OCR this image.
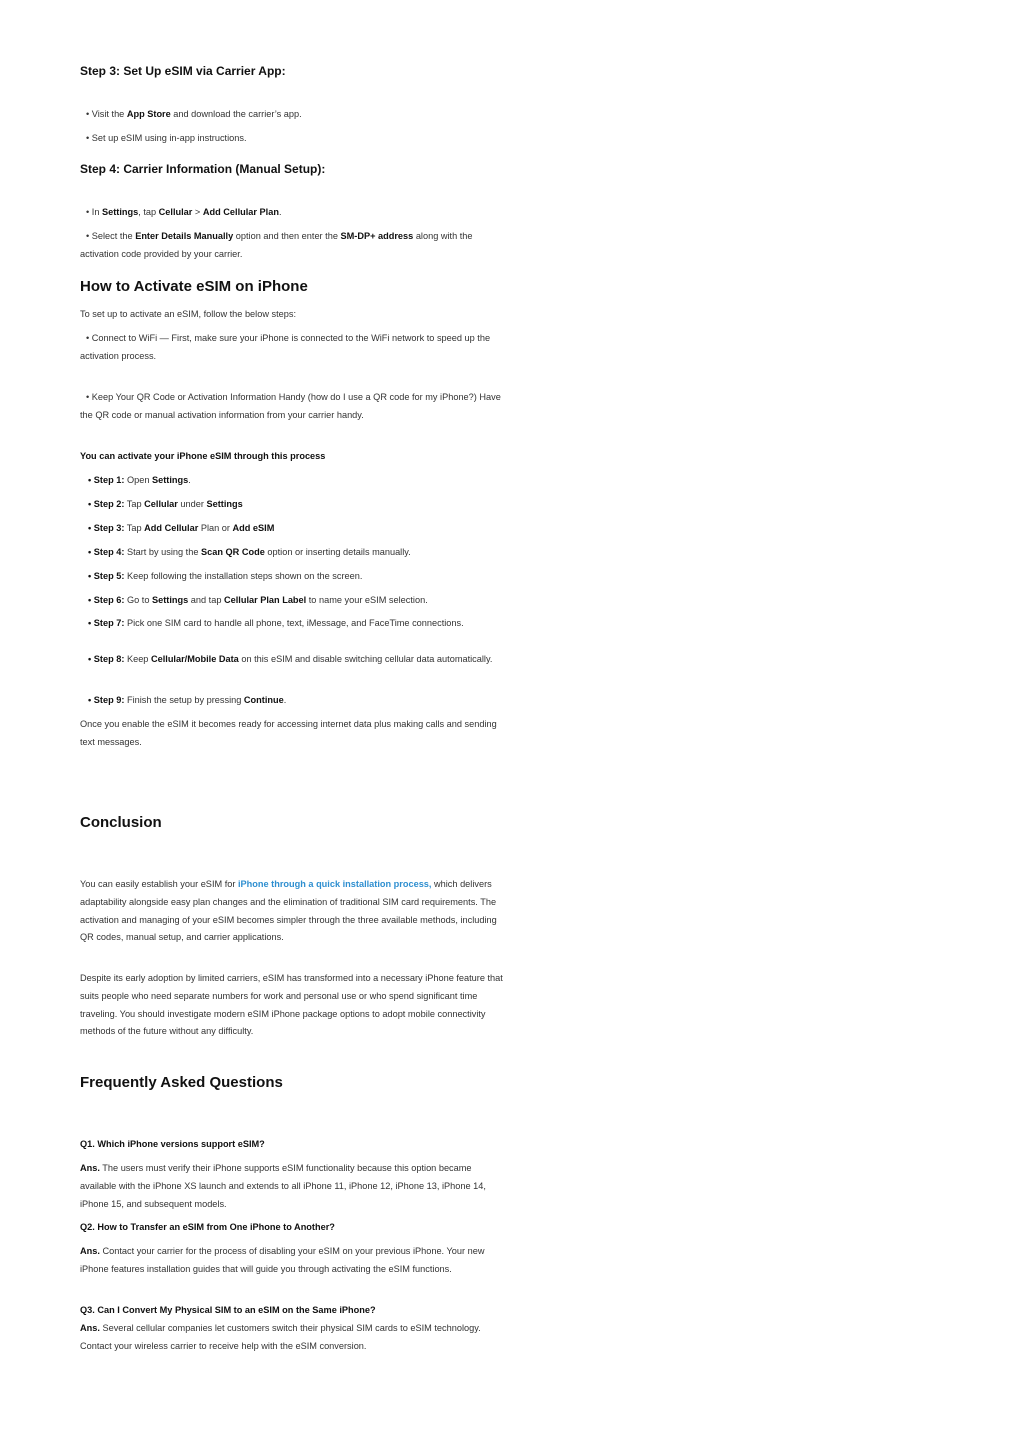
Step 3: Set Up eSIM via Carrier App:
• Visit the App Store and download the carrier’s app.
• Set up eSIM using in-app instructions.
Step 4: Carrier Information (Manual Setup):
• In Settings, tap Cellular > Add Cellular Plan.
• Select the Enter Details Manually option and then enter the SM-DP+ address along with the activation code provided by your carrier.
How to Activate eSIM on iPhone
To set up to activate an eSIM, follow the below steps:
• Connect to WiFi — First, make sure your iPhone is connected to the WiFi network to speed up the activation process.
• Keep Your QR Code or Activation Information Handy (how do I use a QR code for my iPhone?) Have the QR code or manual activation information from your carrier handy.
You can activate your iPhone eSIM through this process
• Step 1: Open Settings.
• Step 2: Tap Cellular under Settings
• Step 3: Tap Add Cellular Plan or Add eSIM
• Step 4: Start by using the Scan QR Code option or inserting details manually.
• Step 5: Keep following the installation steps shown on the screen.
• Step 6: Go to Settings and tap Cellular Plan Label to name your eSIM selection.
• Step 7: Pick one SIM card to handle all phone, text, iMessage, and FaceTime connections.
• Step 8: Keep Cellular/Mobile Data on this eSIM and disable switching cellular data automatically.
• Step 9: Finish the setup by pressing Continue.
Once you enable the eSIM it becomes ready for accessing internet data plus making calls and sending text messages.
Conclusion
You can easily establish your eSIM for iPhone through a quick installation process, which delivers adaptability alongside easy plan changes and the elimination of traditional SIM card requirements. The activation and managing of your eSIM becomes simpler through the three available methods, including QR codes, manual setup, and carrier applications.
Despite its early adoption by limited carriers, eSIM has transformed into a necessary iPhone feature that suits people who need separate numbers for work and personal use or who spend significant time traveling. You should investigate modern eSIM iPhone package options to adopt mobile connectivity methods of the future without any difficulty.
Frequently Asked Questions
Q1. Which iPhone versions support eSIM?
Ans. The users must verify their iPhone supports eSIM functionality because this option became available with the iPhone XS launch and extends to all iPhone 11, iPhone 12, iPhone 13, iPhone 14, iPhone 15, and subsequent models.
Q2. How to Transfer an eSIM from One iPhone to Another?
Ans. Contact your carrier for the process of disabling your eSIM on your previous iPhone. Your new iPhone features installation guides that will guide you through activating the eSIM functions.
Q3. Can I Convert My Physical SIM to an eSIM on the Same iPhone?
Ans. Several cellular companies let customers switch their physical SIM cards to eSIM technology. Contact your wireless carrier to receive help with the eSIM conversion.
